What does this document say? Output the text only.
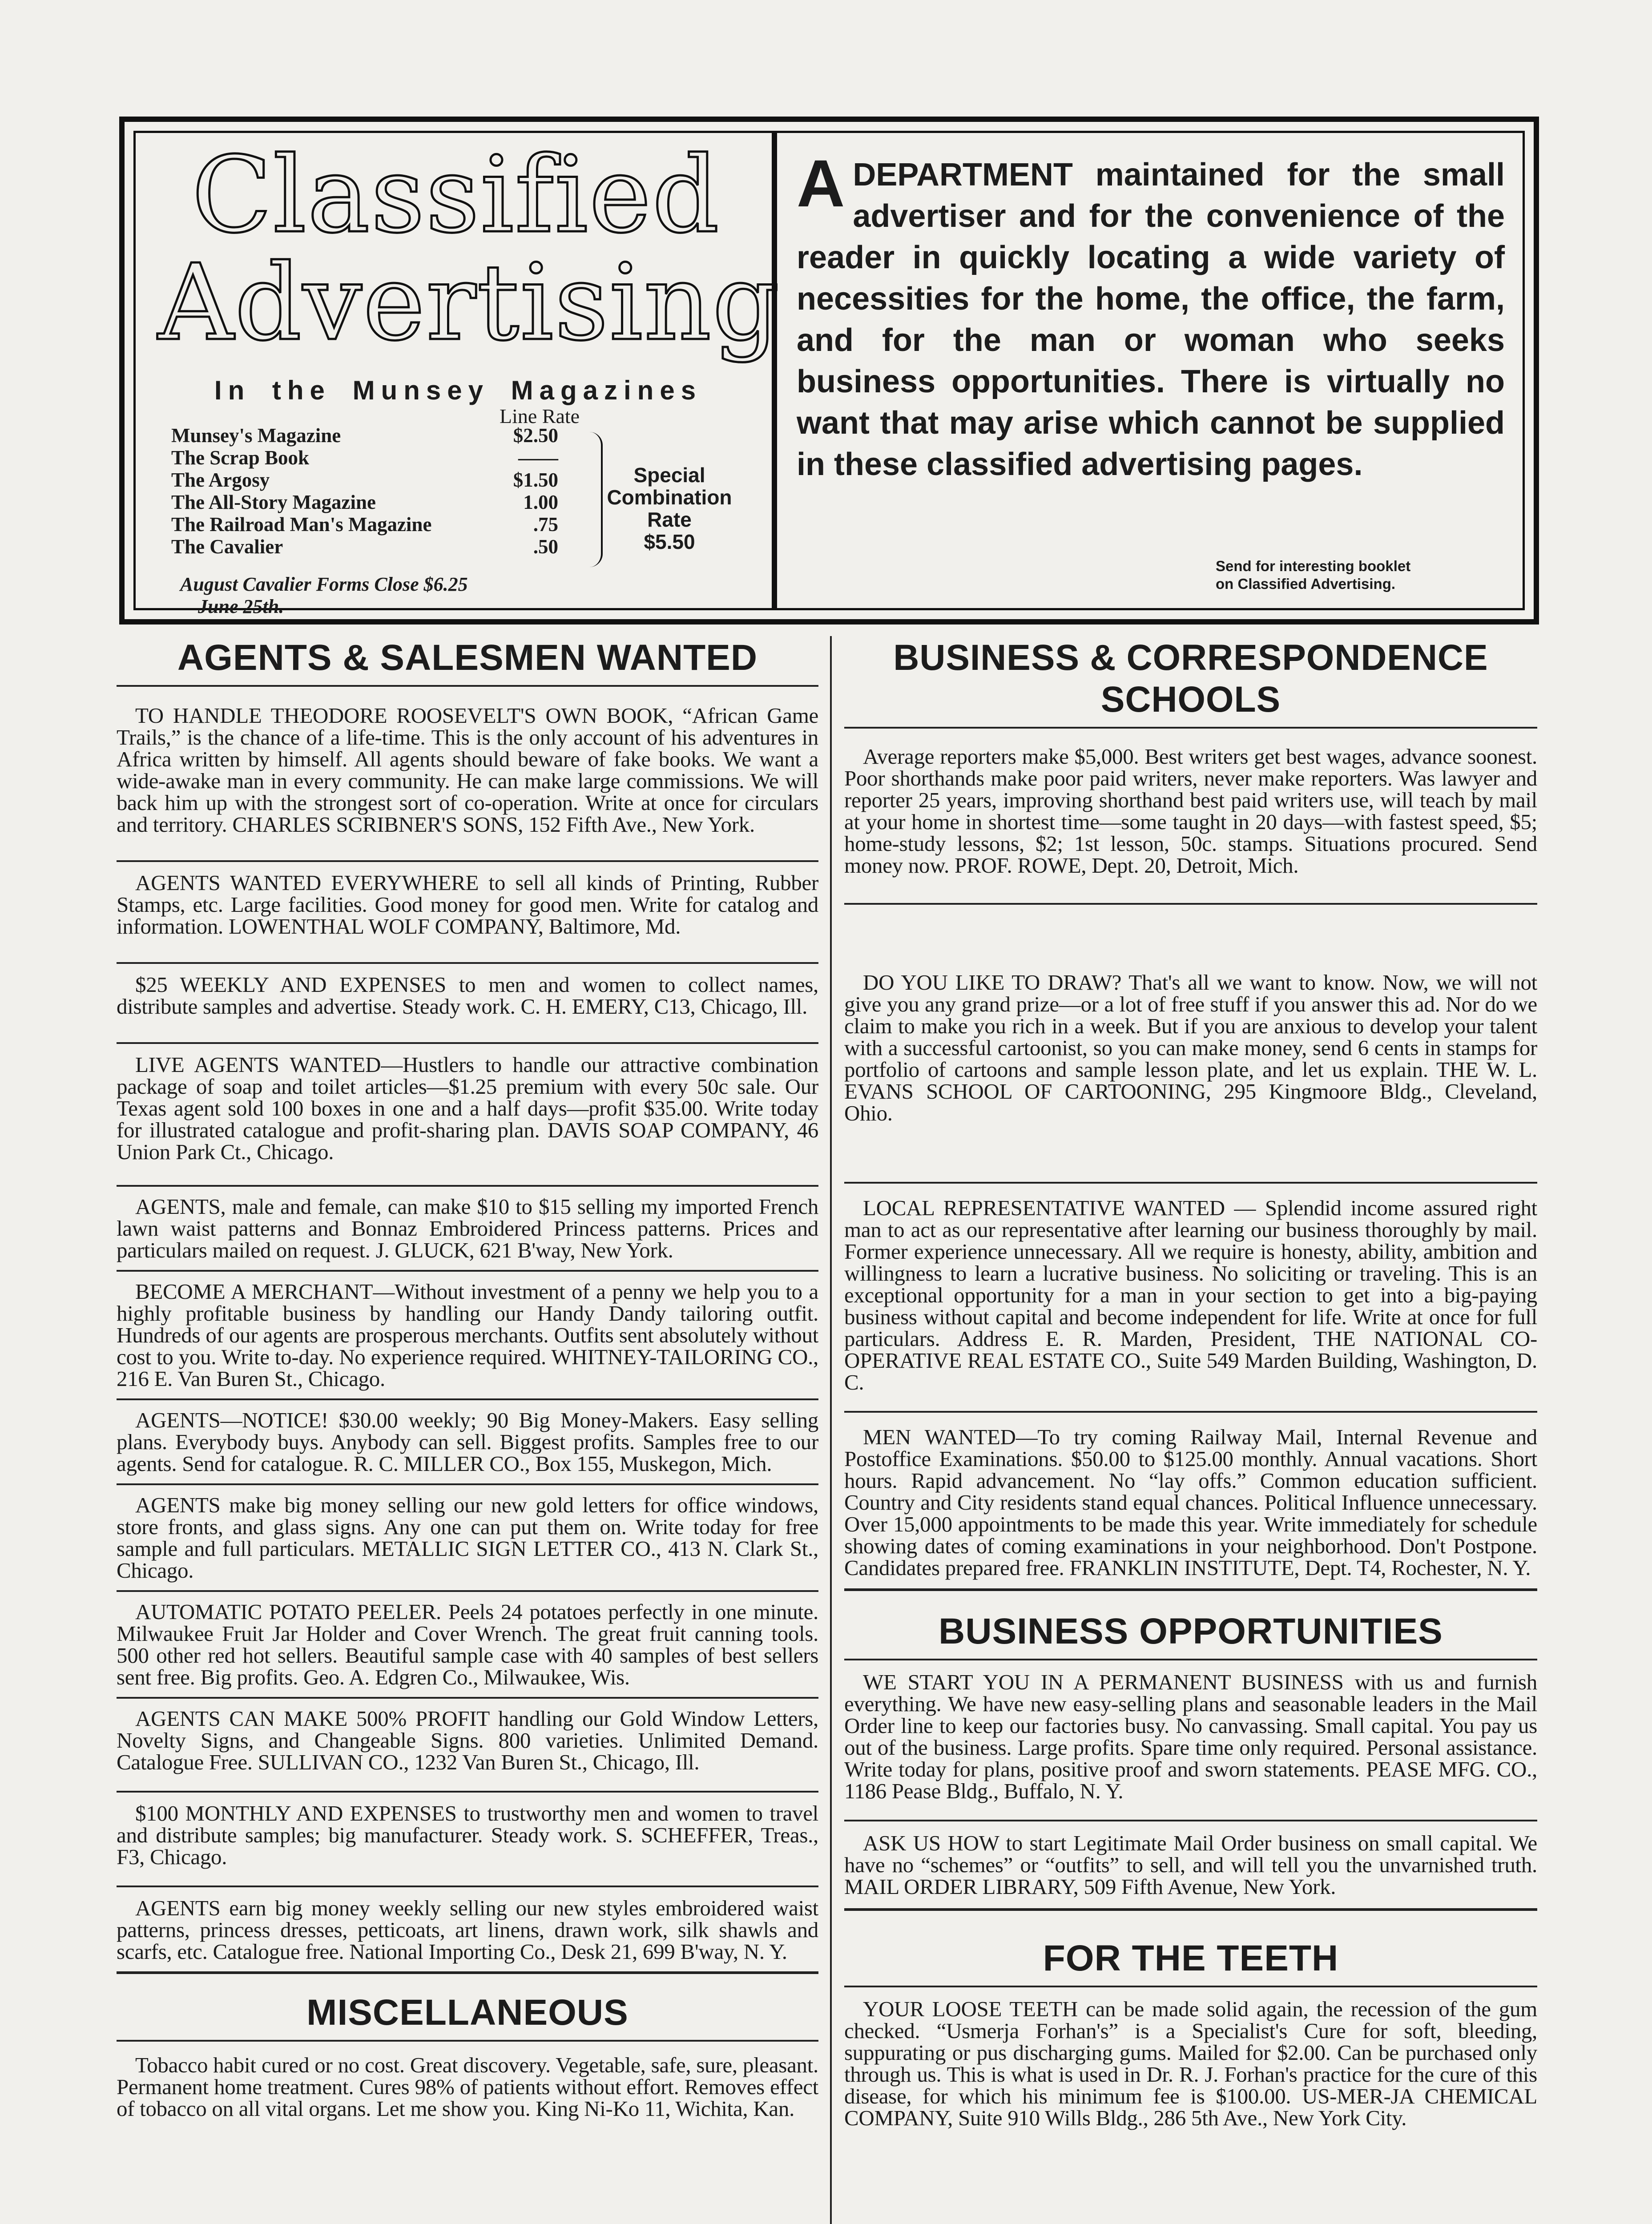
Classified
Advertising
In the Munsey Magazines
Line Rate
Munsey's Magazine	$2.50
The Scrap Book	——
The Argosy	$1.50
The All-Story Magazine	1.00
The Railroad Man's Magazine	.75
The Cavalier	.50
Special
Combination
Rate
$5.50
August Cavalier Forms Close $6.25
June 25th.

ADEPARTMENT maintained for the small advertiser and for the convenience of the reader in quickly locating a wide variety of necessities for the home, the office, the farm, and for the man or woman who seeks business opportunities. There is virtually no want that may arise which cannot be supplied in these classified advertising pages.

Send for interesting booklet
on Classified Advertising.
AGENTS & SALESMEN WANTED

TO HANDLE THEODORE ROOSEVELT'S OWN BOOK, “African Game Trails,” is the chance of a life-time. This is the only account of his adventures in Africa written by himself. All agents should beware of fake books. We want a wide-awake man in every community. He can make large commissions. We will back him up with the strongest sort of co-operation. Write at once for circulars and territory. CHARLES SCRIBNER'S SONS, 152 Fifth Ave., New York.

AGENTS WANTED EVERYWHERE to sell all kinds of Printing, Rubber Stamps, etc. Large facilities. Good money for good men. Write for catalog and information. LOWENTHAL WOLF COMPANY, Baltimore, Md.

$25 WEEKLY AND EXPENSES to men and women to collect names, distribute samples and advertise. Steady work. C. H. EMERY, C13, Chicago, Ill.

LIVE AGENTS WANTED—Hustlers to handle our attractive combination package of soap and toilet articles—$1.25 premium with every 50c sale. Our Texas agent sold 100 boxes in one and a half days—profit $35.00. Write today for illustrated catalogue and profit-sharing plan. DAVIS SOAP COMPANY, 46 Union Park Ct., Chicago.

AGENTS, male and female, can make $10 to $15 selling my imported French lawn waist patterns and Bonnaz Embroidered Princess patterns. Prices and particulars mailed on request. J. GLUCK, 621 B'way, New York.

BECOME A MERCHANT—Without investment of a penny we help you to a highly profitable business by handling our Handy Dandy tailoring outfit. Hundreds of our agents are prosperous merchants. Outfits sent absolutely without cost to you. Write to-day. No experience required. WHITNEY-TAILORING CO., 216 E. Van Buren St., Chicago.

AGENTS—NOTICE! $30.00 weekly; 90 Big Money-Makers. Easy selling plans. Everybody buys. Anybody can sell. Biggest profits. Samples free to our agents. Send for catalogue. R. C. MILLER CO., Box 155, Muskegon, Mich.

AGENTS make big money selling our new gold letters for office windows, store fronts, and glass signs. Any one can put them on. Write today for free sample and full particulars. METALLIC SIGN LETTER CO., 413 N. Clark St., Chicago.

AUTOMATIC POTATO PEELER. Peels 24 potatoes perfectly in one minute. Milwaukee Fruit Jar Holder and Cover Wrench. The great fruit canning tools. 500 other red hot sellers. Beautiful sample case with 40 samples of best sellers sent free. Big profits. Geo. A. Edgren Co., Milwaukee, Wis.

AGENTS CAN MAKE 500% PROFIT handling our Gold Window Letters, Novelty Signs, and Changeable Signs. 800 varieties. Unlimited Demand. Catalogue Free. SULLIVAN CO., 1232 Van Buren St., Chicago, Ill.

$100 MONTHLY AND EXPENSES to trustworthy men and women to travel and distribute samples; big manufacturer. Steady work. S. SCHEFFER, Treas., F3, Chicago.

AGENTS earn big money weekly selling our new styles embroidered waist patterns, princess dresses, petticoats, art linens, drawn work, silk shawls and scarfs, etc. Catalogue free. National Importing Co., Desk 21, 699 B'way, N. Y.

MISCELLANEOUS

Tobacco habit cured or no cost. Great discovery. Vegetable, safe, sure, pleasant. Permanent home treatment. Cures 98% of patients without effort. Removes effect of tobacco on all vital organs. Let me show you. King Ni-Ko 11, Wichita, Kan.

BUSINESS & CORRESPONDENCE
SCHOOLS

Average reporters make $5,000. Best writers get best wages, advance soonest. Poor shorthands make poor paid writers, never make reporters. Was lawyer and reporter 25 years, improving shorthand best paid writers use, will teach by mail at your home in shortest time—some taught in 20 days—with fastest speed, $5; home-study lessons, $2; 1st lesson, 50c. stamps. Situations procured. Send money now. PROF. ROWE, Dept. 20, Detroit, Mich.

DO YOU LIKE TO DRAW? That's all we want to know. Now, we will not give you any grand prize—or a lot of free stuff if you answer this ad. Nor do we claim to make you rich in a week. But if you are anxious to develop your talent with a successful cartoonist, so you can make money, send 6 cents in stamps for portfolio of cartoons and sample lesson plate, and let us explain. THE W. L. EVANS SCHOOL OF CARTOONING, 295 Kingmoore Bldg., Cleveland, Ohio.

LOCAL REPRESENTATIVE WANTED — Splendid income assured right man to act as our representative after learning our business thoroughly by mail. Former experience unnecessary. All we require is honesty, ability, ambition and willingness to learn a lucrative business. No soliciting or traveling. This is an exceptional opportunity for a man in your section to get into a big-paying business without capital and become independent for life. Write at once for full particulars. Address E. R. Marden, President, THE NATIONAL CO-OPERATIVE REAL ESTATE CO., Suite 549 Marden Building, Washington, D. C.

MEN WANTED—To try coming Railway Mail, Internal Revenue and Postoffice Examinations. $50.00 to $125.00 monthly. Annual vacations. Short hours. Rapid advancement. No “lay offs.” Common education sufficient. Country and City residents stand equal chances. Political Influence unnecessary. Over 15,000 appointments to be made this year. Write immediately for schedule showing dates of coming examinations in your neighborhood. Don't Postpone. Candidates prepared free. FRANKLIN INSTITUTE, Dept. T4, Rochester, N. Y.

BUSINESS OPPORTUNITIES

WE START YOU IN A PERMANENT BUSINESS with us and furnish everything. We have new easy-selling plans and seasonable leaders in the Mail Order line to keep our factories busy. No canvassing. Small capital. You pay us out of the business. Large profits. Spare time only required. Personal assistance. Write today for plans, positive proof and sworn statements. PEASE MFG. CO., 1186 Pease Bldg., Buffalo, N. Y.

ASK US HOW to start Legitimate Mail Order business on small capital. We have no “schemes” or “outfits” to sell, and will tell you the unvarnished truth. MAIL ORDER LIBRARY, 509 Fifth Avenue, New York.

FOR THE TEETH

YOUR LOOSE TEETH can be made solid again, the recession of the gum checked. “Usmerja Forhan's” is a Specialist's Cure for soft, bleeding, suppurating or pus discharging gums. Mailed for $2.00. Can be purchased only through us. This is what is used in Dr. R. J. Forhan's practice for the cure of this disease, for which his minimum fee is $100.00. US-MER-JA CHEMICAL COMPANY, Suite 910 Wills Bldg., 286 5th Ave., New York City.
